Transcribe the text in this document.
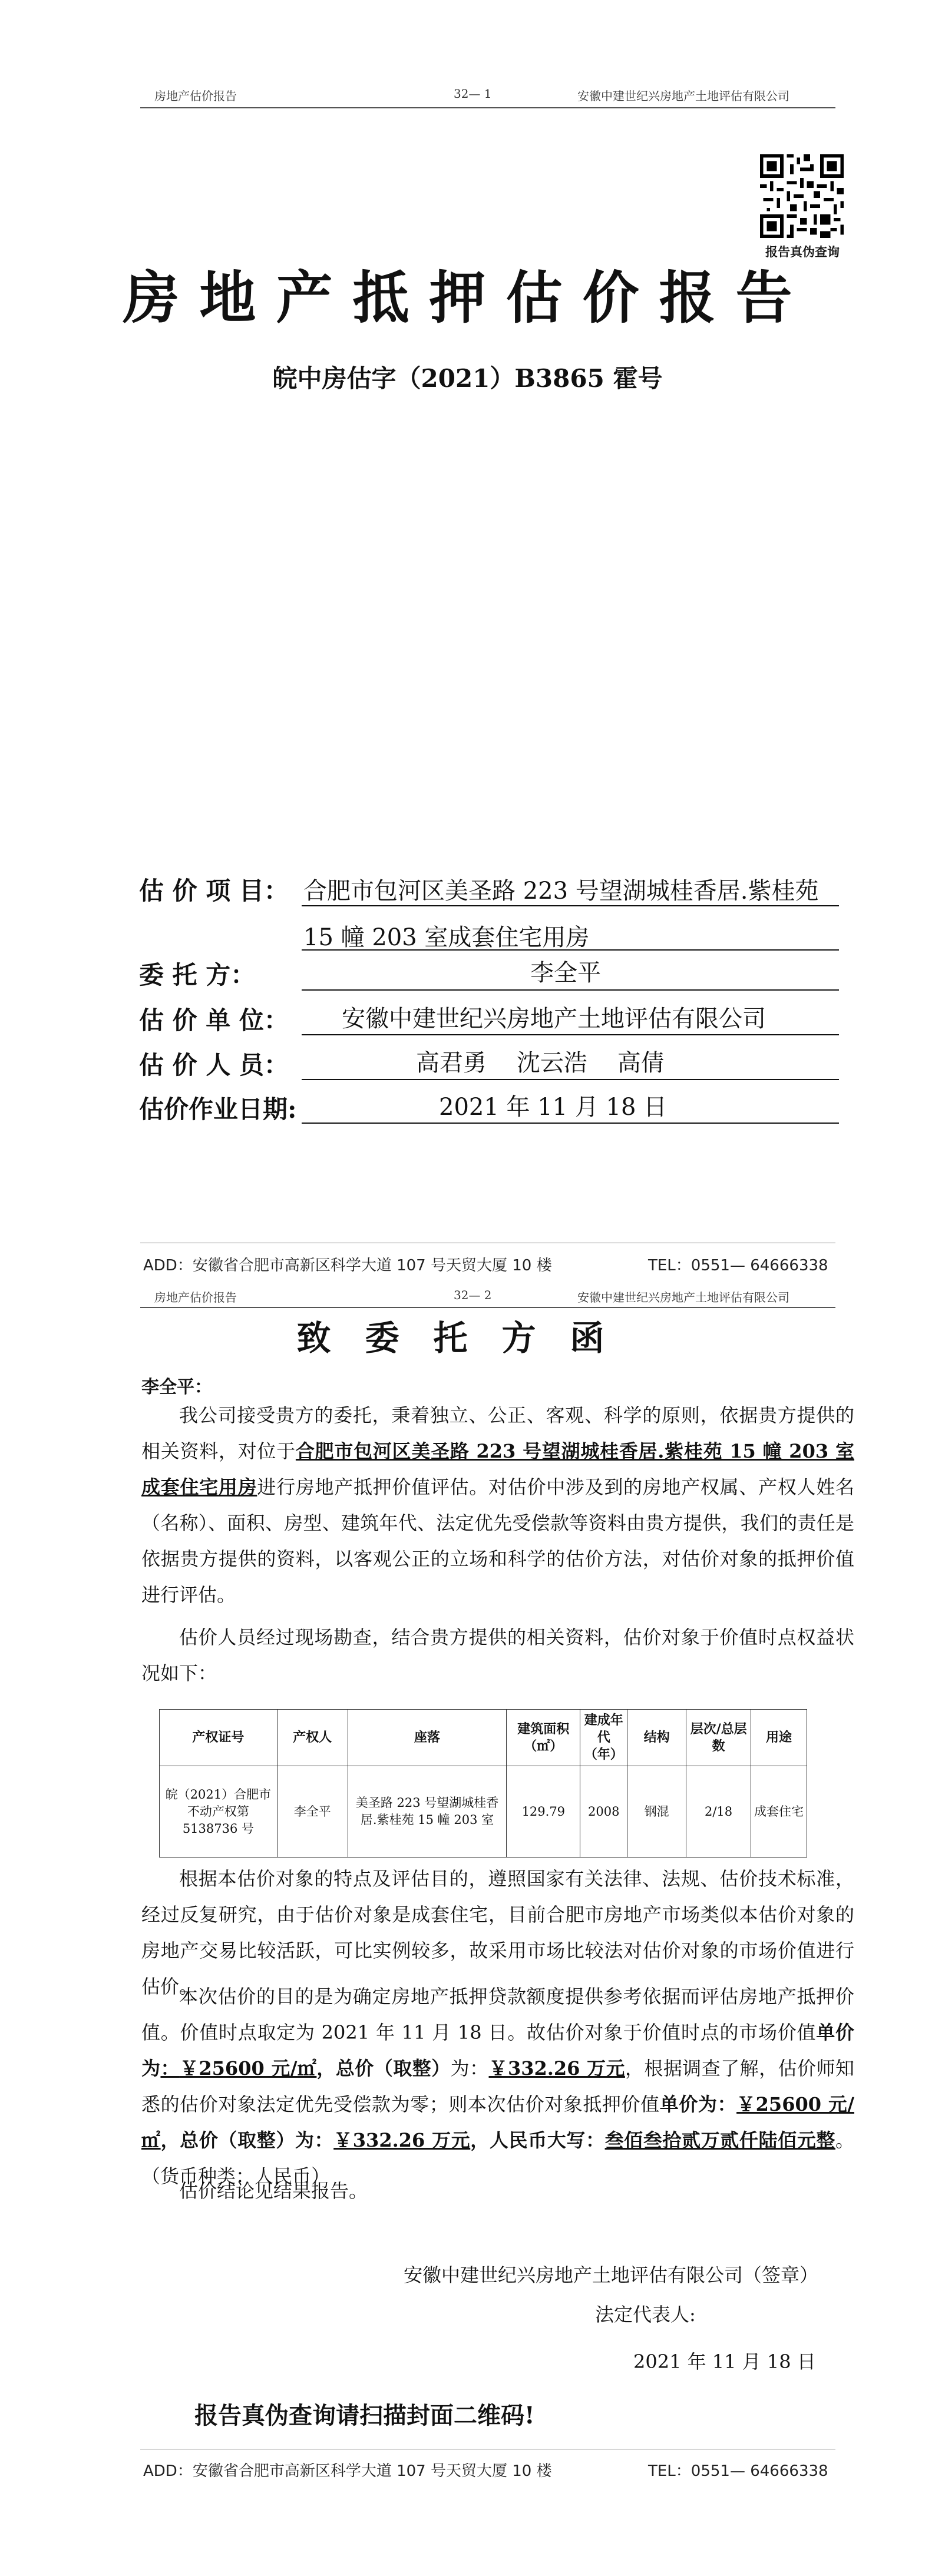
房地产估价报告	32— 1	安徽中建世纪兴房地产土地评估有限公司
报告真伪查询
房地产抵押估价报告
皖中房估字（2021）B3865 霍号
估 价 项 目： 合肥市包河区美圣路 223 号望湖城桂香居.紫桂苑
15 幢 203 室成套住宅用房
委 托 方：	李全平
估 价 单 位： 安徽中建世纪兴房地产土地评估有限公司
估 价 人 员：	高君勇    沈云浩    高倩
估价作业日期:	2021 年 11 月 18 日
ADD：安徽省合肥市高新区科学大道 107 号天贸大厦 10 楼	TEL：0551— 64666338
房地产估价报告	32— 2	安徽中建世纪兴房地产土地评估有限公司
致委托方函
李全平：
我公司接受贵方的委托，秉着独立、公正、客观、科学的原则，依据贵方提供的相关资料，对位于合肥市包河区美圣路 223 号望湖城桂香居.紫桂苑 15 幢 203 室成套住宅用房进行房地产抵押价值评估。对估价中涉及到的房地产权属、产权人姓名（名称）、面积、房型、建筑年代、法定优先受偿款等资料由贵方提供，我们的责任是依据贵方提供的资料，以客观公正的立场和科学的估价方法，对估价对象的抵押价值进行评估。
估价人员经过现场勘查，结合贵方提供的相关资料，估价对象于价值时点权益状况如下：
产权证号	产权人	座落	建筑面积（㎡）	建成年代（年）	结构	层次/总层数	用途
皖（2021）合肥市不动产权第 5138736 号	李全平	美圣路 223 号望湖城桂香居.紫桂苑 15 幢 203 室	129.79	2008	钢混	2/18	成套住宅
根据本估价对象的特点及评估目的，遵照国家有关法律、法规、估价技术标准，经过反复研究，由于估价对象是成套住宅，目前合肥市房地产市场类似本估价对象的房地产交易比较活跃，可比实例较多，故采用市场比较法对估价对象的市场价值进行估价。
本次估价的目的是为确定房地产抵押贷款额度提供参考依据而评估房地产抵押价值。价值时点取定为 2021 年 11 月 18 日。故估价对象于价值时点的市场价值单价为：￥25600 元/㎡，总价（取整）为：￥332.26 万元，根据调查了解，估价师知悉的估价对象法定优先受偿款为零；则本次估价对象抵押价值单价为：￥25600 元/㎡，总价（取整）为：￥332.26 万元，人民币大写：叁佰叁拾贰万贰仟陆佰元整。（货币种类：人民币）
估价结论见结果报告。
安徽中建世纪兴房地产土地评估有限公司（签章）
法定代表人:
2021 年 11 月 18 日
报告真伪查询请扫描封面二维码!
ADD：安徽省合肥市高新区科学大道 107 号天贸大厦 10 楼	TEL：0551— 64666338
